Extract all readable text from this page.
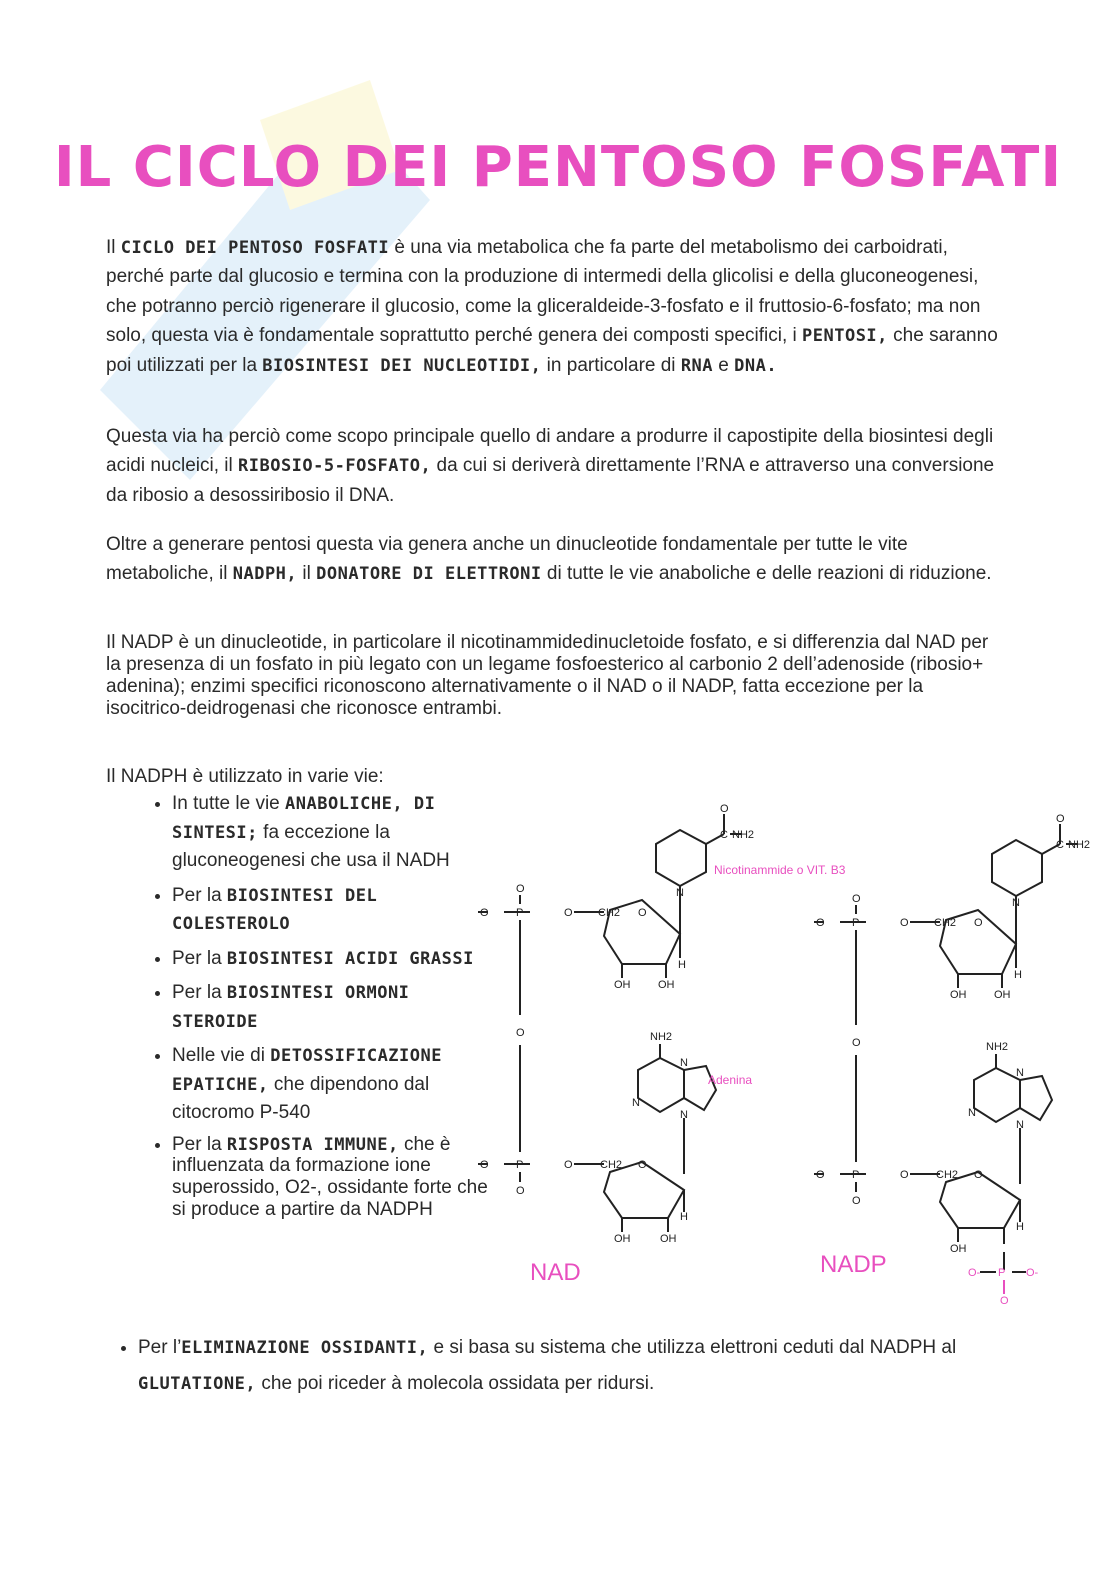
IL CICLO DEI PENTOSO FOSFATI

Il CICLO DEI PENTOSO FOSFATI è una via metabolica che fa parte del metabolismo dei carboidrati, perché parte dal glucosio e termina con la produzione di intermedi della glicolisi e della gluconeogenesi, che potranno perciò rigenerare il glucosio, come la gliceraldeide-3-fosfato e il fruttosio-6-fosfato; ma non solo, questa via è fondamentale soprattutto perché genera dei composti specifici, i PENTOSI, che saranno poi utilizzati per la BIOSINTESI DEI NUCLEOTIDI, in particolare di RNA e DNA.

Questa via ha perciò come scopo principale quello di andare a produrre il capostipite della biosintesi degli acidi nucleici, il RIBOSIO-5-FOSFATO, da cui si deriverà direttamente l’RNA e attraverso una conversione da ribosio a desossiribosio il DNA.

Oltre a generare pentosi questa via genera anche un dinucleotide fondamentale per tutte le vite metaboliche, il NADPH, il DONATORE DI ELETTRONI di tutte le vie anaboliche e delle reazioni di riduzione.

Il NADP è un dinucleotide, in particolare il nicotinammidedinucletoide fosfato, e si differenzia dal NAD per la presenza di un fosfato in più legato con un legame fosfoesterico al carbonio 2 dell’adenoside (ribosio+ adenina); enzimi specifici riconoscono alternativamente o il NAD o il NADP, fatta eccezione per la isocitrico-deidrogenasi che riconosce entrambi.

Il NADPH è utilizzato in varie vie:

• In tutte le vie ANABOLICHE, DI SINTESI; fa eccezione la gluconeogenesi che usa il NADH
• Per la BIOSINTESI DEL COLESTEROLO
• Per la BIOSINTESI ACIDI GRASSI
• Per la BIOSINTESI ORMONI STEROIDE
• Nelle vie di DETOSSIFICAZIONE EPATICHE, che dipendono dal citocromo P-540
• Per la RISPOSTA IMMUNE, che è influenzata da formazione ione superossido, O2-, ossidante forte che si produce a partire da NADPH
• Per l’ELIMINAZIONE OSSIDANTI, e si basa su sistema che utilizza elettroni ceduti dal NADPH al GLUTATIONE, che poi riceder à molecola ossidata per ridursi.
O
NH2
C
N
O
CH2
O
P
O
O
OH	OH
H
O	NH2
N
N
N
O
CH2
O
P
O
O
OH	OH
H
O
NH2
C
N
O
CH2
O
P
O
O
OH	OH
H
O	NH2
N
N
N
O
CH2
O
P
O
O
OH
H
Nicotinammide o VIT. B3
Adenina
NAD	NADP	O- P O-
O
